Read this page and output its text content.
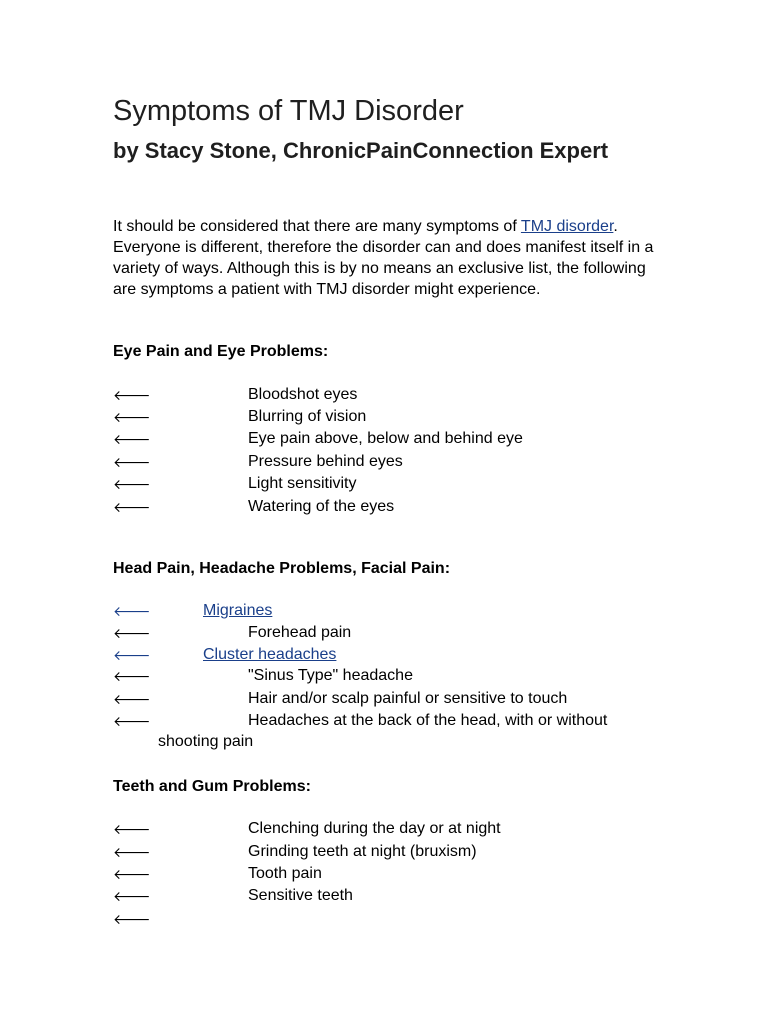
Symptoms of TMJ Disorder
by Stacy Stone, ChronicPainConnection Expert

It should be considered that there are many symptoms of TMJ disorder. Everyone is different, therefore the disorder can and does manifest itself in a variety of ways. Although this is by no means an exclusive list, the following are symptoms a patient with TMJ disorder might experience.

Eye Pain and Eye Problems:
🡐	Bloodshot eyes
🡐	Blurring of vision
🡐	Eye pain above, below and behind eye
🡐	Pressure behind eyes
🡐	Light sensitivity
🡐	Watering of the eyes
Head Pain, Headache Problems, Facial Pain:
🡐	Migraines
🡐	Forehead pain
🡐	Cluster headaches
🡐	"Sinus Type" headache
🡐	Hair and/or scalp painful or sensitive to touch
🡐	Headaches at the back of the head, with or without
shooting pain
Teeth and Gum Problems:
🡐	Clenching during the day or at night
🡐	Grinding teeth at night (bruxism)
🡐	Tooth pain
🡐	Sensitive teeth
🡐
